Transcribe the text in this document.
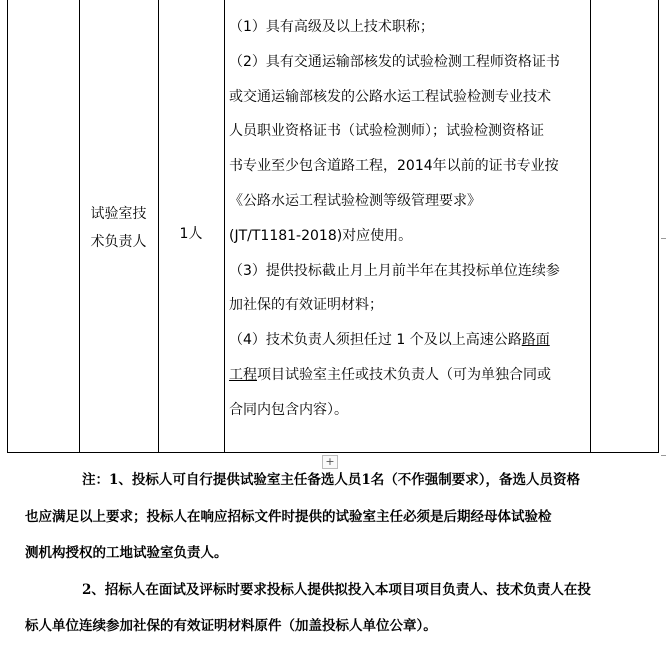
试验室技
术负责人	1人
（1）具有高级及以上技术职称；
（2）具有交通运输部核发的试验检测工程师资格证书
或交通运输部核发的公路水运工程试验检测专业技术
人员职业资格证书（试验检测师）；试验检测资格证
书专业至少包含道路工程，2014年以前的证书专业按
《公路水运工程试验检测等级管理要求》
(JT/T1181-2018)对应使用。
（3）提供投标截止月上月前半年在其投标单位连续参
加社保的有效证明材料；
（4）技术负责人须担任过 1 个及以上高速公路路面
工程项目试验室主任或技术负责人（可为单独合同或
合同内包含内容）。
+
注：1、投标人可自行提供试验室主任备选人员1名（不作强制要求），备选人员资格
也应满足以上要求；投标人在响应招标文件时提供的试验室主任必须是后期经母体试验检
测机构授权的工地试验室负责人。
2、招标人在面试及评标时要求投标人提供拟投入本项目项目负责人、技术负责人在投
标人单位连续参加社保的有效证明材料原件（加盖投标人单位公章）。
